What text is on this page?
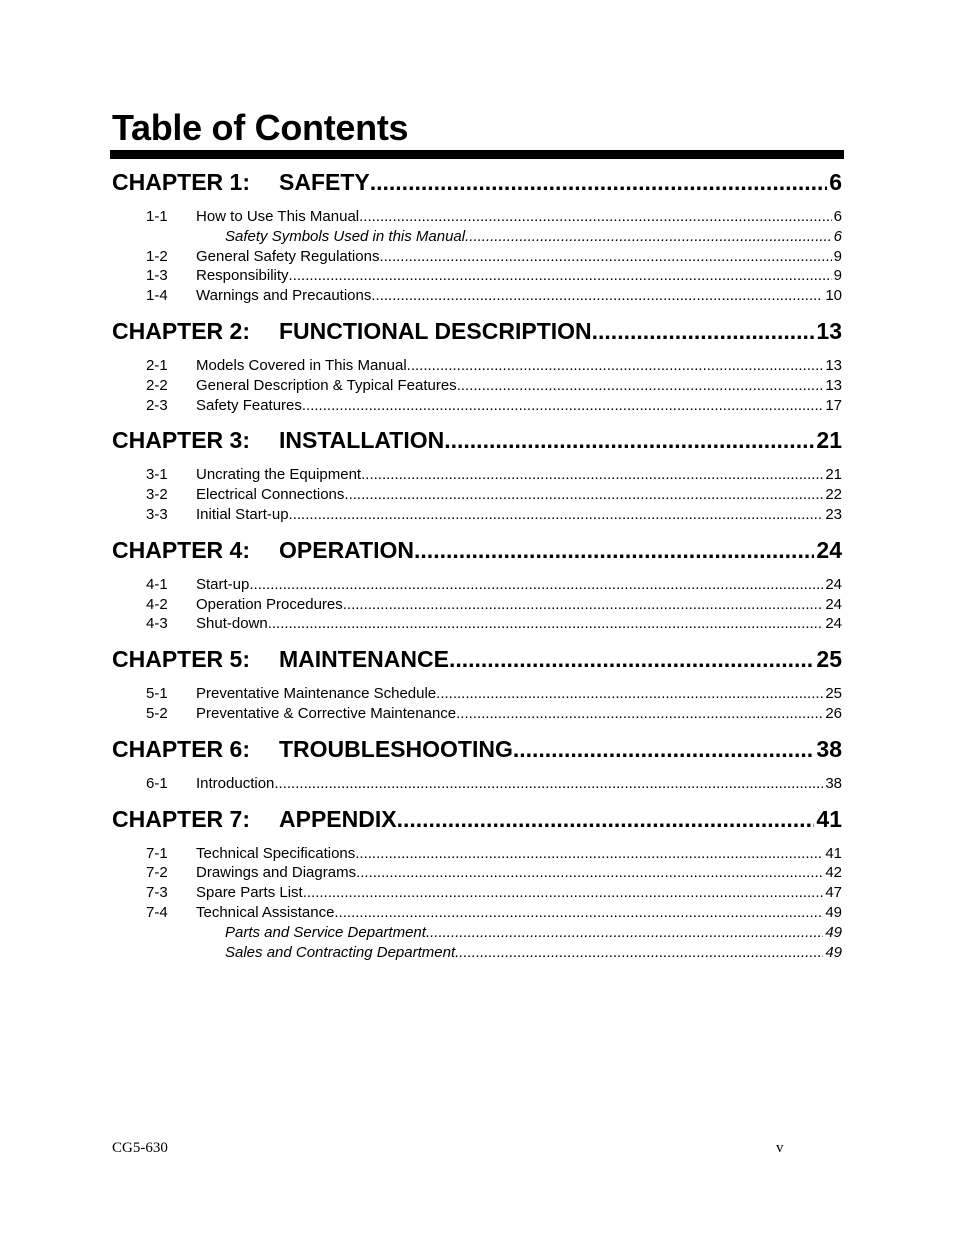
Table of Contents
CHAPTER 1:	SAFETY .....	6
1-1	How to Use This Manual .....	6
Safety Symbols Used in this Manual .....	6
1-2	General Safety Regulations .....	9
1-3	Responsibility .....	9
1-4	Warnings and Precautions .....	10
CHAPTER 2:	FUNCTIONAL DESCRIPTION .....	13
2-1	Models Covered in This Manual .....	13
2-2	General Description & Typical Features .....	13
2-3	Safety Features .....	17
CHAPTER 3:	INSTALLATION .....	21
3-1	Uncrating the Equipment .....	21
3-2	Electrical Connections .....	22
3-3	Initial Start-up .....	23
CHAPTER 4:	OPERATION .....	24
4-1	Start-up .....	24
4-2	Operation Procedures .....	24
4-3	Shut-down .....	24
CHAPTER 5:	MAINTENANCE .....	25
5-1	Preventative Maintenance Schedule .....	25
5-2	Preventative & Corrective Maintenance .....	26
CHAPTER 6:	TROUBLESHOOTING .....	38
6-1	Introduction .....	38
CHAPTER 7:	APPENDIX .....	41
7-1	Technical Specifications .....	41
7-2	Drawings and Diagrams .....	42
7-3	Spare Parts List .....	47
7-4	Technical Assistance .....	49
Parts and Service Department .....	49
Sales and Contracting Department .....	49
CG5-630	v
